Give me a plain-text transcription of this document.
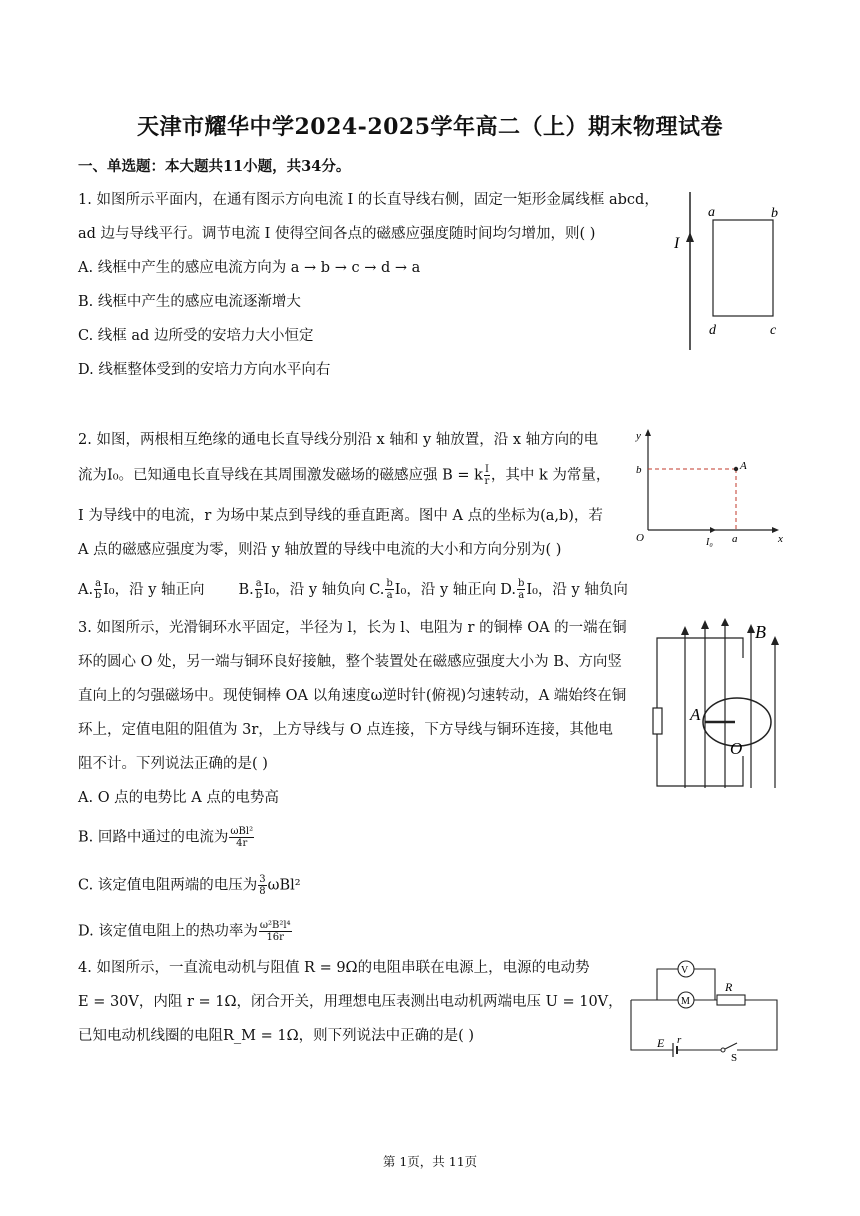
天津市耀华中学2024-2025学年高二（上）期末物理试卷
一、单选题：本大题共11小题，共34分。
1. 如图所示平面内，在通有图示方向电流 I 的长直导线右侧，固定一矩形金属线框 abcd，
ad 边与导线平行。调节电流 I 使得空间各点的磁感应强度随时间均匀增加，则( )
A. 线框中产生的感应电流方向为 a → b → c → d → a
B. 线框中产生的感应电流逐渐增大
C. 线框 ad 边所受的安培力大小恒定
D. 线框整体受到的安培力方向水平向右
I
a	b
c
d
2. 如图，两根相互绝缘的通电长直导线分别沿 x 轴和 y 轴放置，沿 x 轴方向的电
流为I₀。已知通电长直导线在其周围激发磁场的磁感应强 B = k $\frac{I}{r}$ ，其中 k 为常量，
I 为导线中的电流，r 为场中某点到导线的垂直距离。图中 A 点的坐标为(a,b)，若
A 点的磁感应强度为零，则沿 y 轴放置的导线中电流的大小和方向分别为( )
A. $\frac{a}{b} I_0$，沿 y 轴正向 B. $\frac{a}{b} I_0$，沿 y 轴负向 C. $\frac{b}{a} I_0$，沿 y 轴正向 D. $\frac{b}{a} I_0$，沿 y 轴负向
y
x
b	A
O	I₀ a
3. 如图所示，光滑铜环水平固定，半径为 l，长为 l、电阻为 r 的铜棒 OA 的一端在铜
环的圆心 O 处，另一端与铜环良好接触，整个装置处在磁感应强度大小为 B、方向竖
直向上的匀强磁场中。现使铜棒 OA 以角速度ω逆时针(俯视)匀速转动，A 端始终在铜
环上，定值电阻的阻值为 3r，上方导线与 O 点连接，下方导线与铜环连接，其他电
阻不计。下列说法正确的是( )
A. O 点的电势比 A 点的电势高
B. 回路中通过的电流为 $\frac{\text{ωBl²}}{4r}$
C. 该定值电阻两端的电压为 $\frac{3}{8} \omega Bl^2$
D. 该定值电阻上的热功率为 $\frac{\text{ω²B²l⁴}}{16r}$
B
A
O
4. 如图所示，一直流电动机与阻值 R = 9Ω的电阻串联在电源上，电源的电动势
E = 30V，内阻 r = 1Ω，闭合开关，用理想电压表测出电动机两端电压 U = 10V，
已知电动机线圈的电阻R_M = 1Ω，则下列说法中正确的是( )
V
M
R
E r
S
第 1页，共 11页
